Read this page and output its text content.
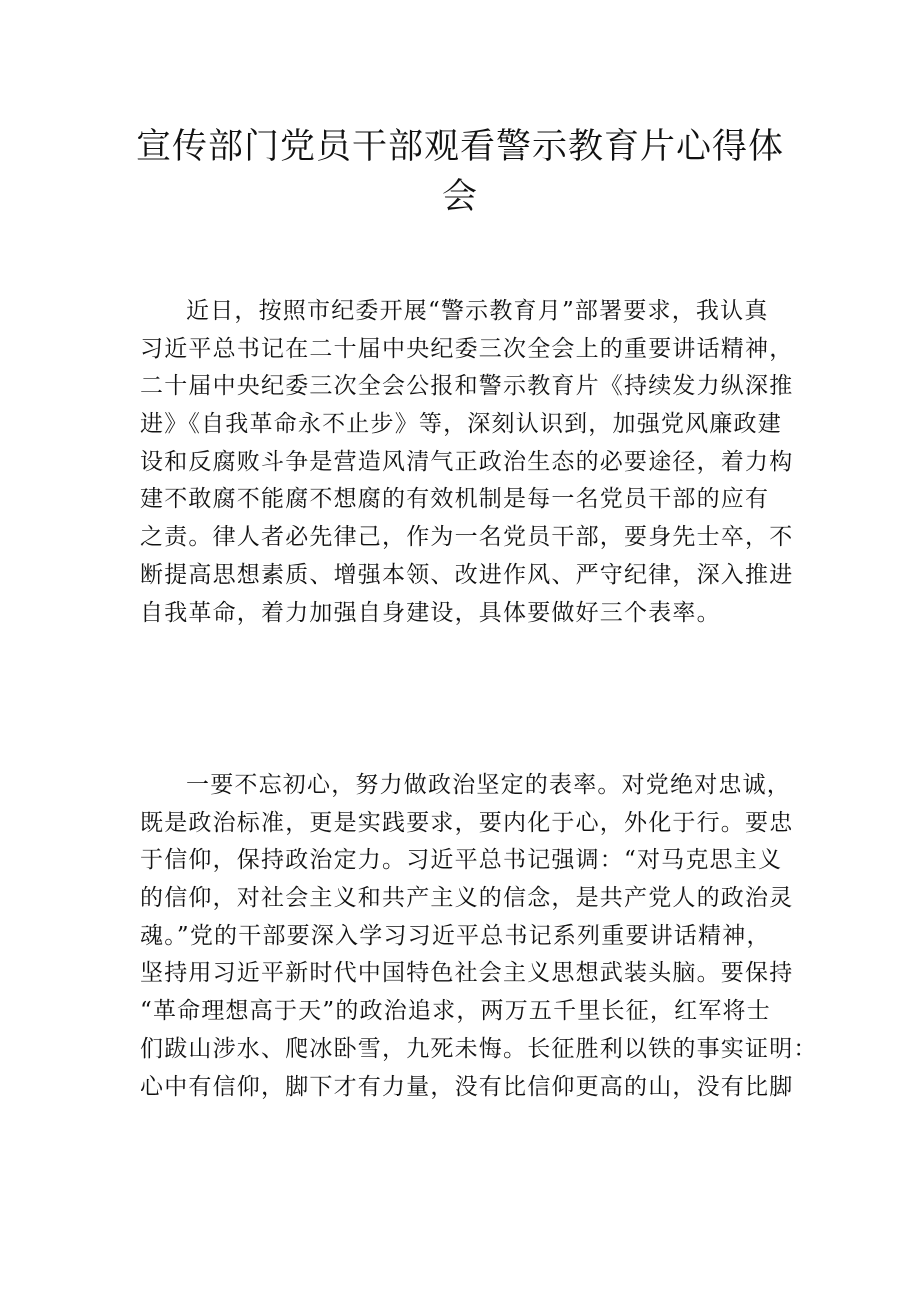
宣传部门党员干部观看警示教育片心得体
会
近日，按照市纪委开展“警示教育月”部署要求，我认真
习近平总书记在二十届中央纪委三次全会上的重要讲话精神，
二十届中央纪委三次全会公报和警示教育片《持续发力纵深推
进》《自我革命永不止步》等，深刻认识到，加强党风廉政建
设和反腐败斗争是营造风清气正政治生态的必要途径，着力构
建不敢腐不能腐不想腐的有效机制是每一名党员干部的应有
之责。律人者必先律己，作为一名党员干部，要身先士卒，不
断提高思想素质、增强本领、改进作风、严守纪律，深入推进
自我革命，着力加强自身建设，具体要做好三个表率。
一要不忘初心，努力做政治坚定的表率。对党绝对忠诚，
既是政治标准，更是实践要求，要内化于心，外化于行。要忠
于信仰，保持政治定力。习近平总书记强调：“对马克思主义
的信仰，对社会主义和共产主义的信念，是共产党人的政治灵
魂。”党的干部要深入学习习近平总书记系列重要讲话精神，
坚持用习近平新时代中国特色社会主义思想武装头脑。要保持
“革命理想高于天”的政治追求，两万五千里长征，红军将士
们跋山涉水、爬冰卧雪，九死未悔。长征胜利以铁的事实证明：
心中有信仰，脚下才有力量，没有比信仰更高的山，没有比脚
